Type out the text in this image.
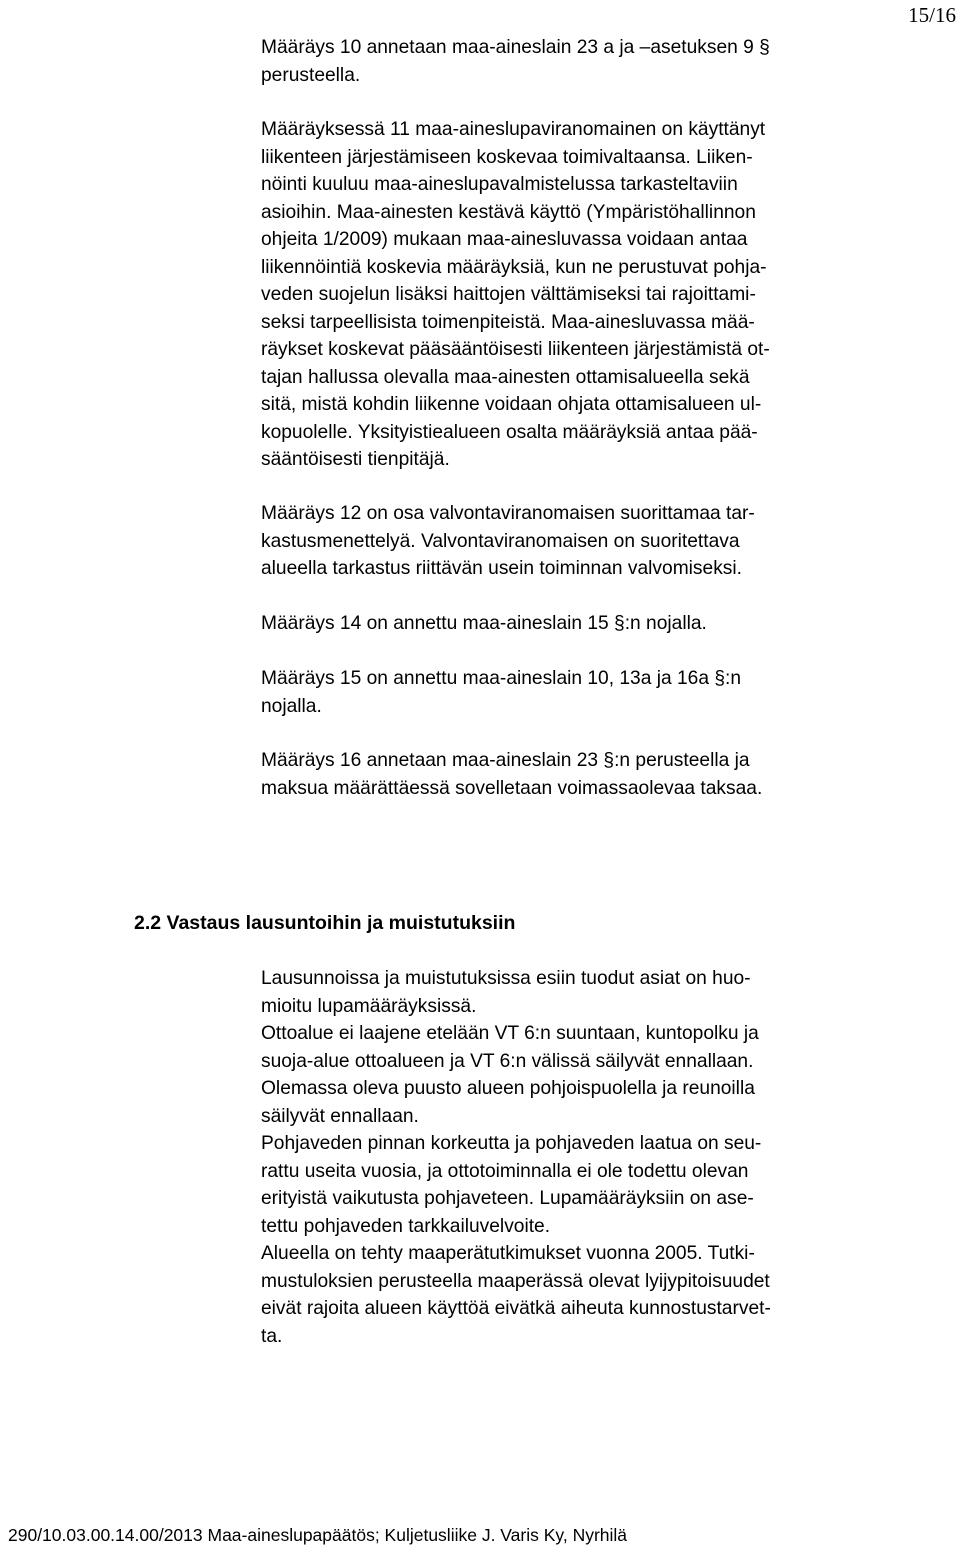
15/16

Määräys 10 annetaan maa-aineslain 23 a ja –asetuksen 9 §
perusteella.

Määräyksessä 11 maa-aineslupaviranomainen on käyttänyt
liikenteen järjestämiseen koskevaa toimivaltaansa. Liiken-
nöinti kuuluu maa-aineslupavalmistelussa tarkasteltaviin
asioihin. Maa-ainesten kestävä käyttö (Ympäristöhallinnon
ohjeita 1/2009) mukaan maa-ainesluvassa voidaan antaa
liikennöintiä koskevia määräyksiä, kun ne perustuvat pohja-
veden suojelun lisäksi haittojen välttämiseksi tai rajoittami-
seksi tarpeellisista toimenpiteistä. Maa-ainesluvassa mää-
räykset koskevat pääsääntöisesti liikenteen järjestämistä ot-
tajan hallussa olevalla maa-ainesten ottamisalueella sekä
sitä, mistä kohdin liikenne voidaan ohjata ottamisalueen ul-
kopuolelle. Yksityistiealueen osalta määräyksiä antaa pää-
sääntöisesti tienpitäjä.

Määräys 12 on osa valvontaviranomaisen suorittamaa tar-
kastusmenettelyä. Valvontaviranomaisen on suoritettava
alueella tarkastus riittävän usein toiminnan valvomiseksi.

Määräys 14 on annettu maa-aineslain 15 §:n nojalla.

Määräys 15 on annettu maa-aineslain 10, 13a ja 16a §:n
nojalla.

Määräys 16 annetaan maa-aineslain 23 §:n perusteella ja
maksua määrättäessä sovelletaan voimassaolevaa taksaa.

Lausunnoissa ja muistutuksissa esiin tuodut asiat on huo-
mioitu lupamääräyksissä.
Ottoalue ei laajene etelään VT 6:n suuntaan, kuntopolku ja
suoja-alue ottoalueen ja VT 6:n välissä säilyvät ennallaan.
Olemassa oleva puusto alueen pohjoispuolella ja reunoilla
säilyvät ennallaan.
Pohjaveden pinnan korkeutta ja pohjaveden laatua on seu-
rattu useita vuosia, ja ottotoiminnalla ei ole todettu olevan
erityistä vaikutusta pohjaveteen. Lupamääräyksiin on ase-
tettu pohjaveden tarkkailuvelvoite.
Alueella on tehty maaperätutkimukset vuonna 2005. Tutki-
mustuloksien perusteella maaperässä olevat lyijypitoisuudet
eivät rajoita alueen käyttöä eivätkä aiheuta kunnostustarvet-
ta.

2.2 Vastaus lausuntoihin ja muistutuksiin
290/10.03.00.14.00/2013 Maa-aineslupapäätös; Kuljetusliike J. Varis Ky, Nyrhilä
